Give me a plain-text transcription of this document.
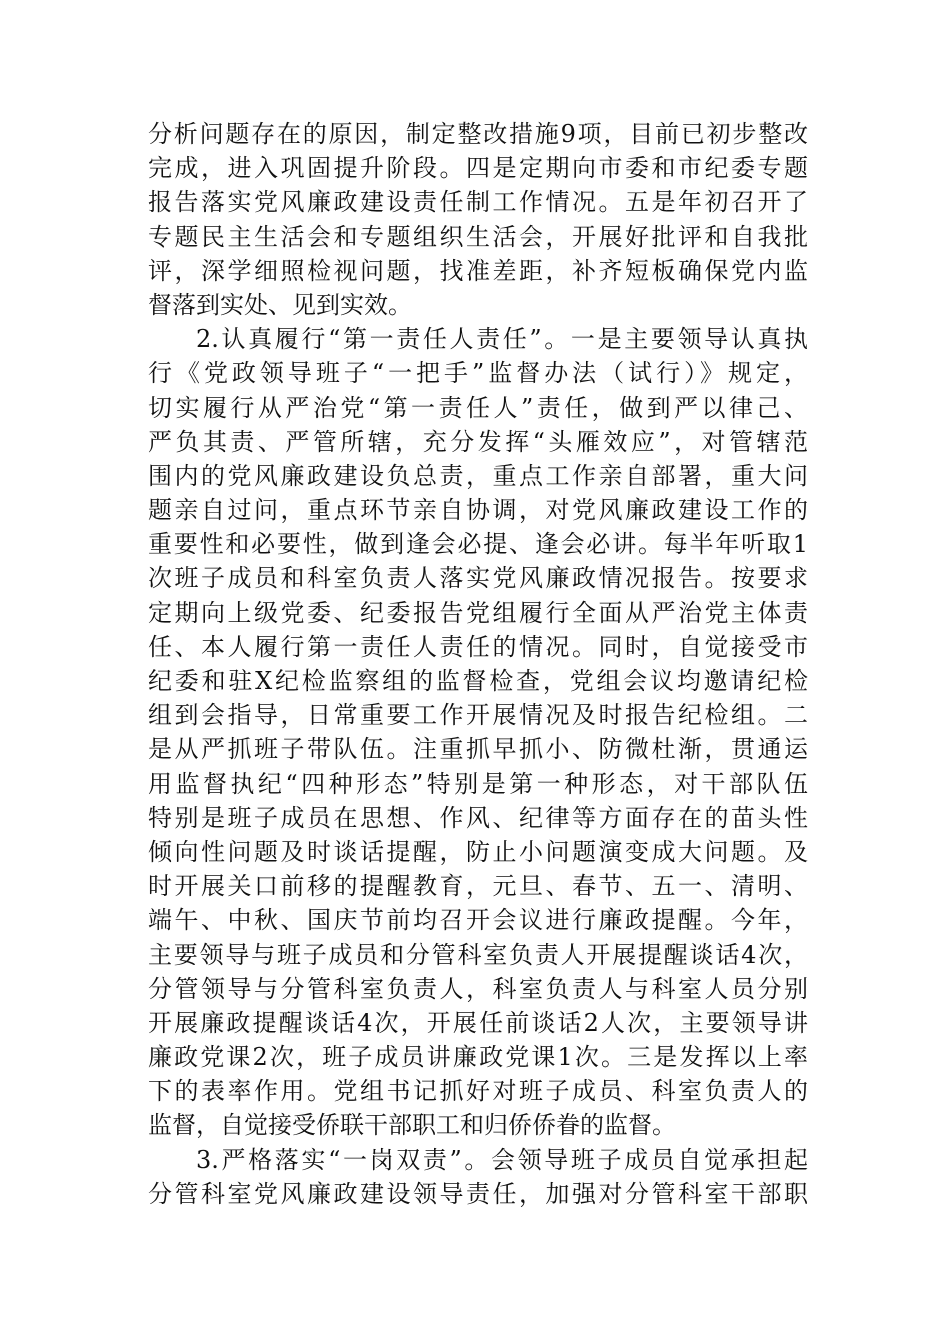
分析问题存在的原因，制定整改措施9项，目前已初步整改
完成，进入巩固提升阶段。四是定期向市委和市纪委专题
报告落实党风廉政建设责任制工作情况。五是年初召开了
专题民主生活会和专题组织生活会，开展好批评和自我批
评，深学细照检视问题，找准差距，补齐短板确保党内监
督落到实处、见到实效。
2.认真履行“第一责任人责任”。一是主要领导认真执
行《党政领导班子“一把手”监督办法（试行）》规定，
切实履行从严治党“第一责任人”责任，做到严以律己、
严负其责、严管所辖，充分发挥“头雁效应”，对管辖范
围内的党风廉政建设负总责，重点工作亲自部署，重大问
题亲自过问，重点环节亲自协调，对党风廉政建设工作的
重要性和必要性，做到逢会必提、逢会必讲。每半年听取1
次班子成员和科室负责人落实党风廉政情况报告。按要求
定期向上级党委、纪委报告党组履行全面从严治党主体责
任、本人履行第一责任人责任的情况。同时，自觉接受市
纪委和驻X纪检监察组的监督检查，党组会议均邀请纪检
组到会指导，日常重要工作开展情况及时报告纪检组。二
是从严抓班子带队伍。注重抓早抓小、防微杜渐，贯通运
用监督执纪“四种形态”特别是第一种形态，对干部队伍
特别是班子成员在思想、作风、纪律等方面存在的苗头性
倾向性问题及时谈话提醒，防止小问题演变成大问题。及
时开展关口前移的提醒教育，元旦、春节、五一、清明、
端午、中秋、国庆节前均召开会议进行廉政提醒。今年，
主要领导与班子成员和分管科室负责人开展提醒谈话4次，
分管领导与分管科室负责人，科室负责人与科室人员分别
开展廉政提醒谈话4次，开展任前谈话2人次，主要领导讲
廉政党课2次，班子成员讲廉政党课1次。三是发挥以上率
下的表率作用。党组书记抓好对班子成员、科室负责人的
监督，自觉接受侨联干部职工和归侨侨眷的监督。
3.严格落实“一岗双责”。会领导班子成员自觉承担起
分管科室党风廉政建设领导责任，加强对分管科室干部职
